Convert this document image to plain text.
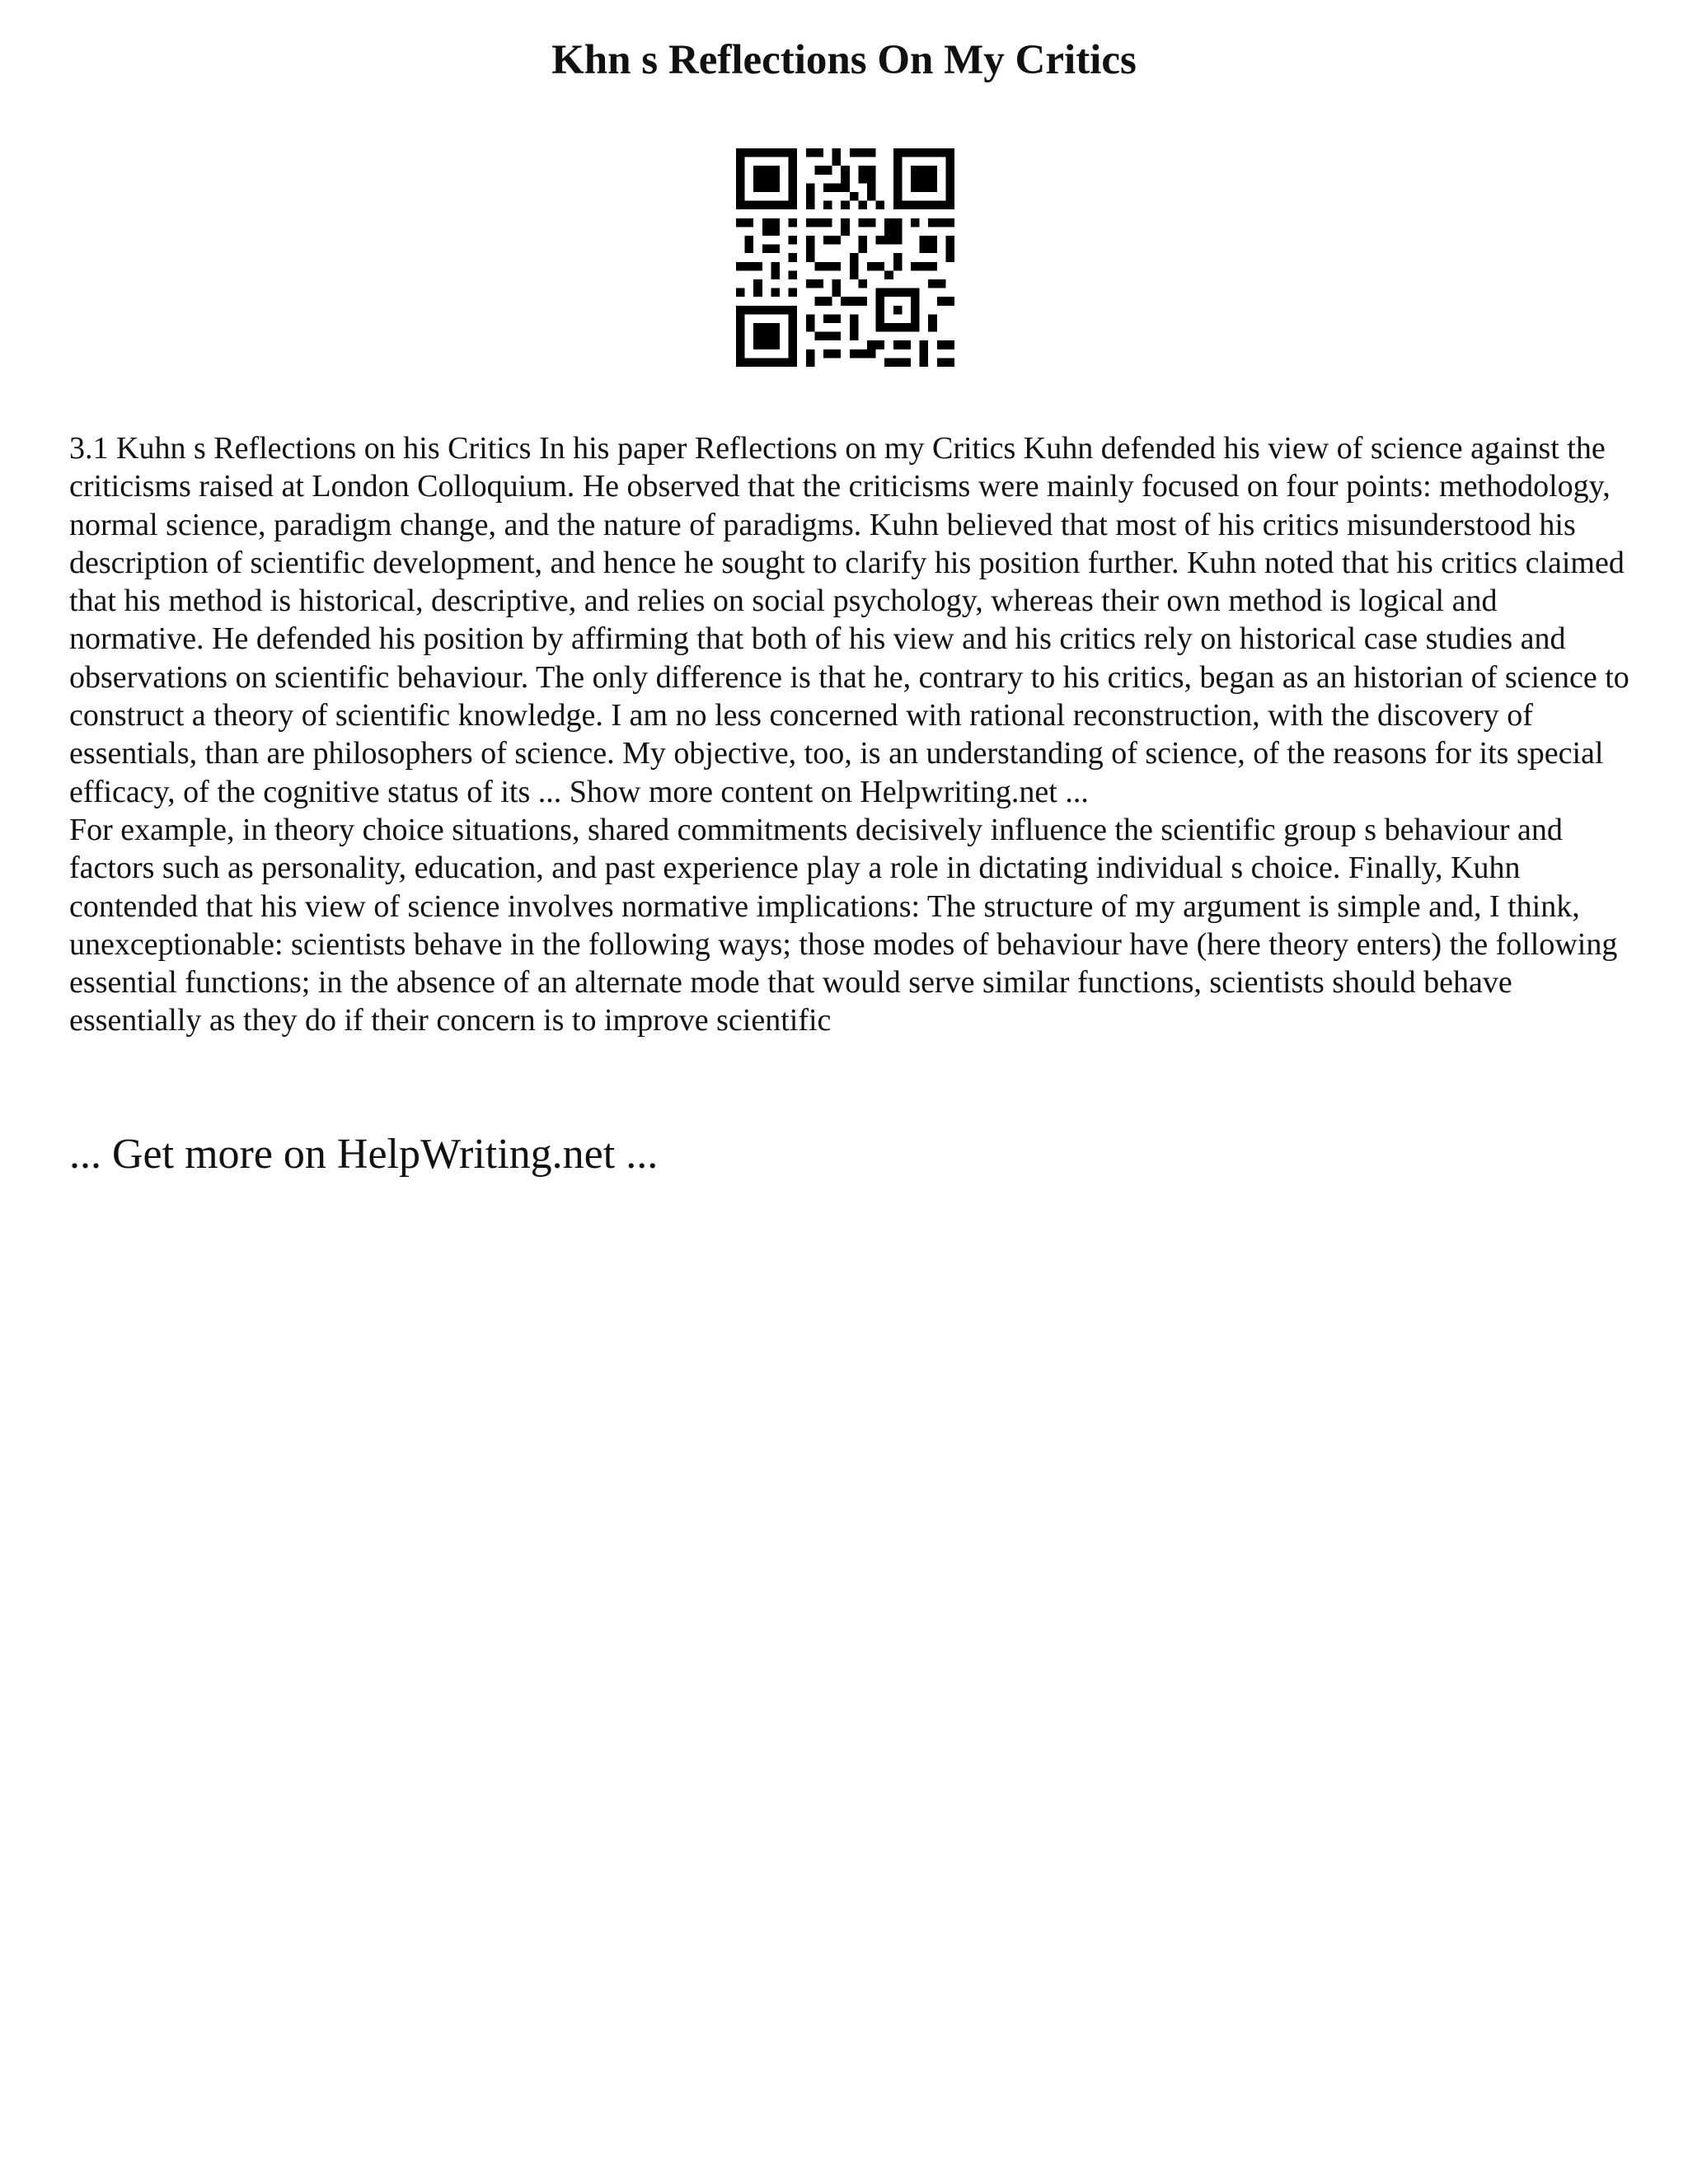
Khn s Reflections On My Critics

3.1 Kuhn s Reflections on his Critics In his paper Reflections on my Critics Kuhn defended his view of science against the criticisms raised at London Colloquium. He observed that the criticisms were mainly focused on four points: methodology, normal science, paradigm change, and the nature of paradigms. Kuhn believed that most of his critics misunderstood his description of scientific development, and hence he sought to clarify his position further. Kuhn noted that his critics claimed that his method is historical, descriptive, and relies on social psychology, whereas their own method is logical and normative. He defended his position by affirming that both of his view and his critics rely on historical case studies and observations on scientific behaviour. The only difference is that he, contrary to his critics, began as an historian of science to construct a theory of scientific knowledge. I am no less concerned with rational reconstruction, with the discovery of essentials, than are philosophers of science. My objective, too, is an understanding of science, of the reasons for its special efficacy, of the cognitive status of its ... Show more content on Helpwriting.net ...

For example, in theory choice situations, shared commitments decisively influence the scientific group s behaviour and factors such as personality, education, and past experience play a role in dictating individual s choice. Finally, Kuhn contended that his view of science involves normative implications: The structure of my argument is simple and, I think, unexceptionable: scientists behave in the following ways; those modes of behaviour have (here theory enters) the following essential functions; in the absence of an alternate mode that would serve similar functions, scientists should behave essentially as they do if their concern is to improve scientific

... Get more on HelpWriting.net ...
